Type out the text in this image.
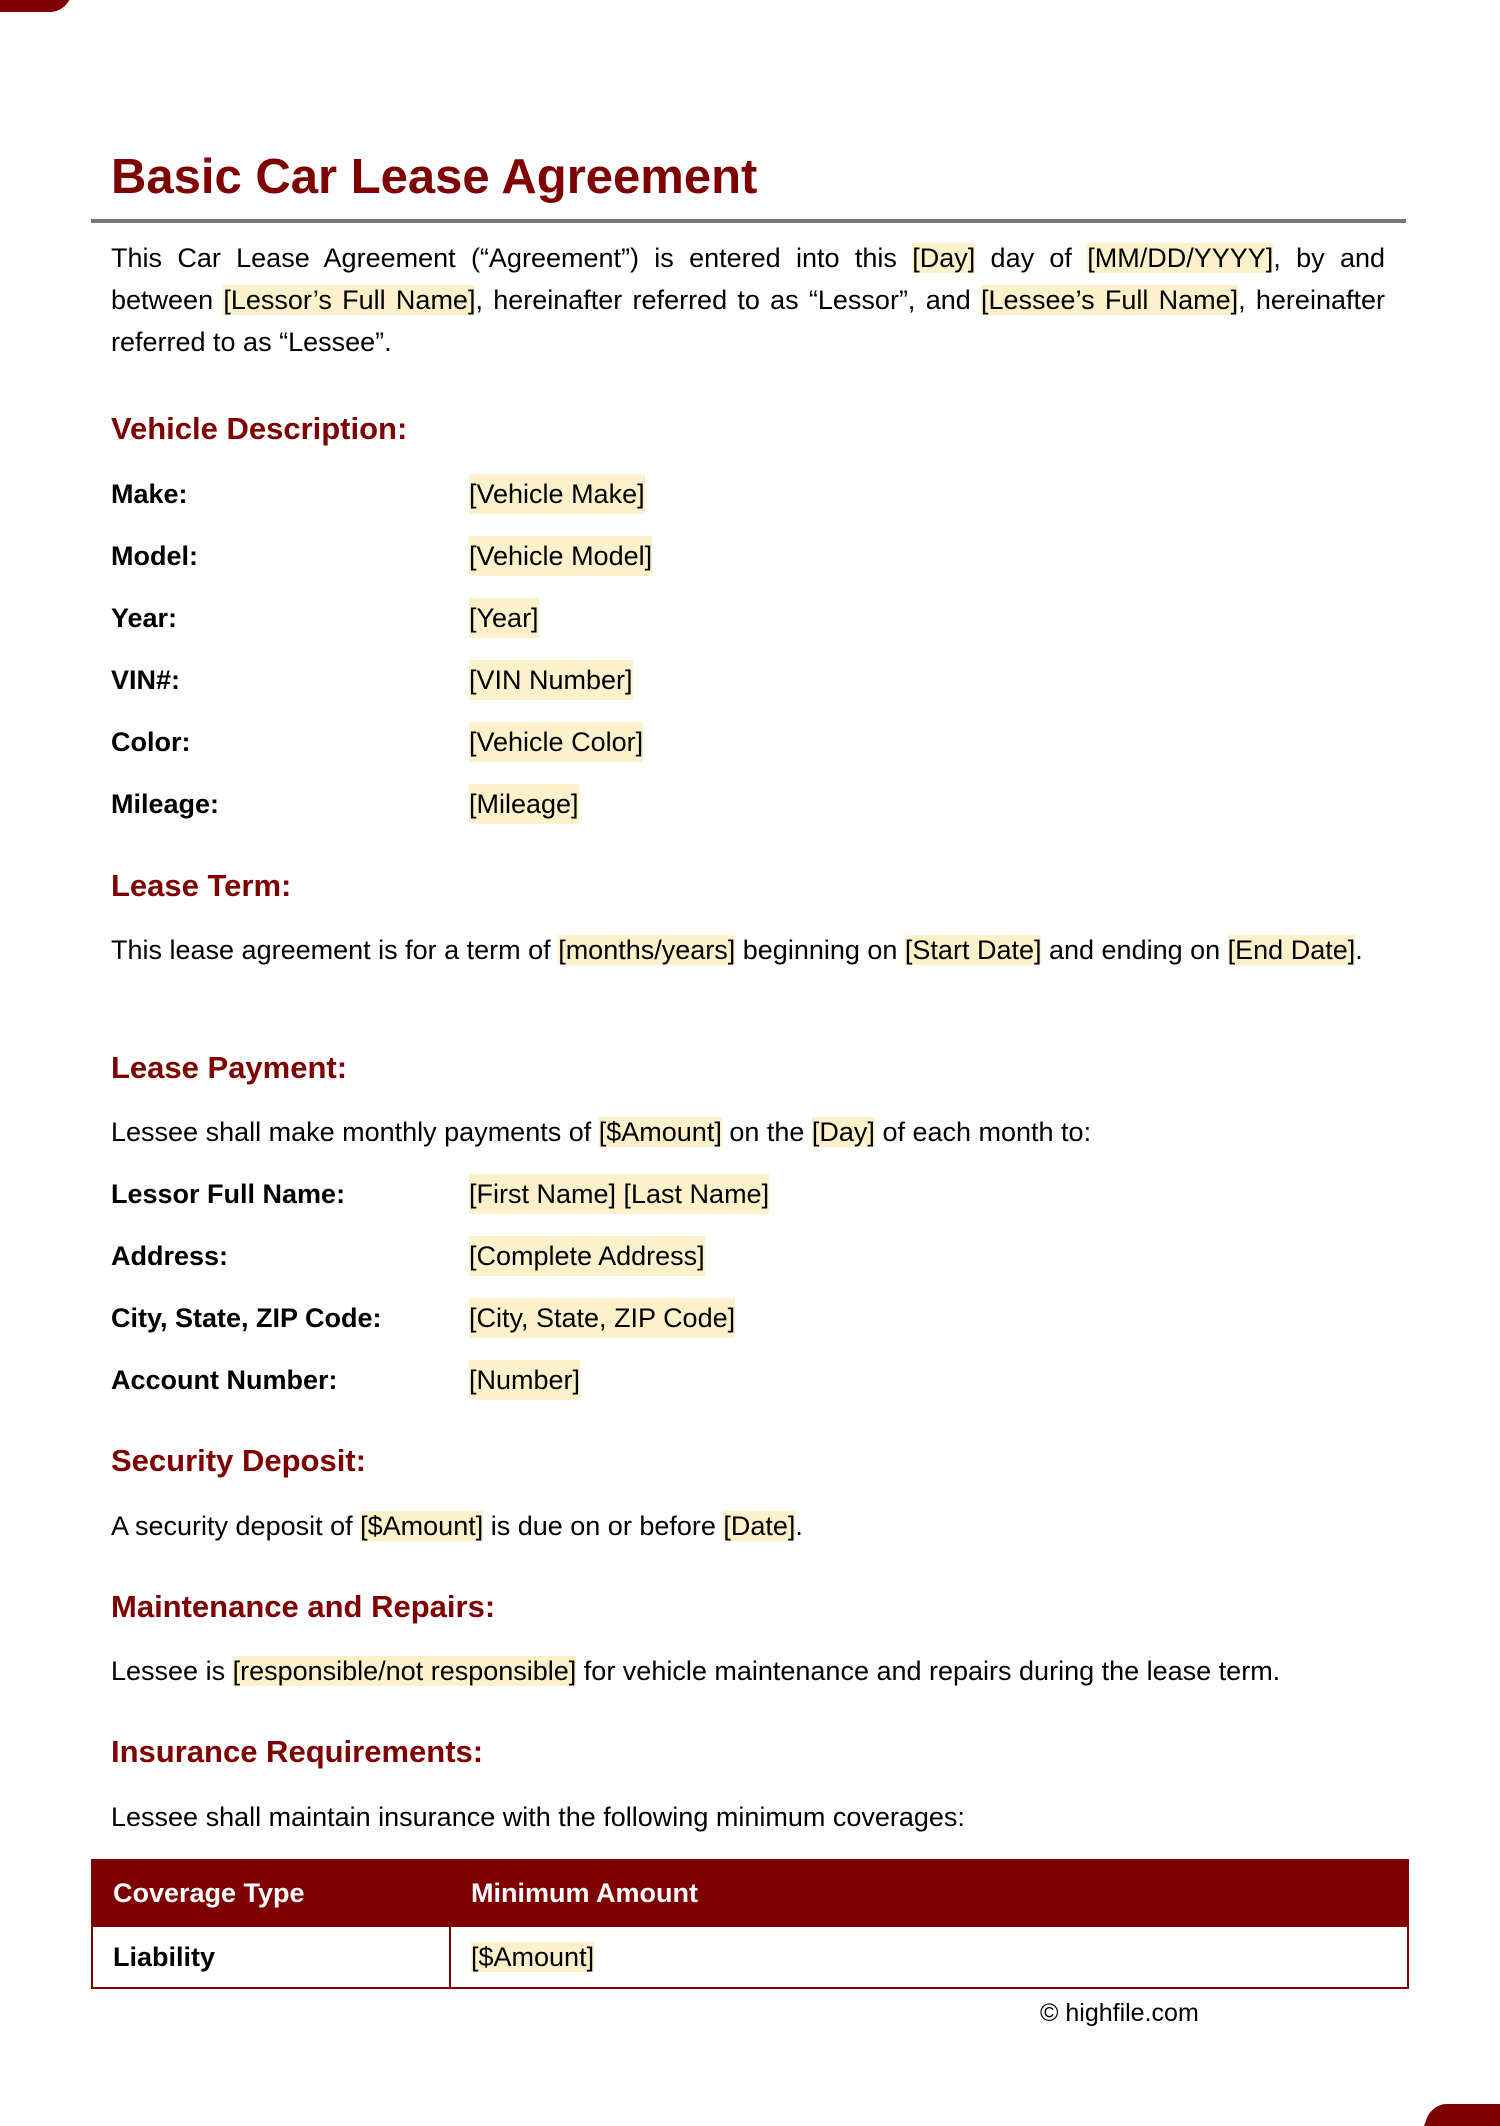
Basic Car Lease Agreement

This Car Lease Agreement (“Agreement”) is entered into this [Day] day of [MM/DD/YYYY], by and between [Lessor’s Full Name], hereinafter referred to as “Lessor”, and [Lessee’s Full Name], hereinafter referred to as “Lessee”.

Vehicle Description:
Make:	[Vehicle Make]
Model:	[Vehicle Model]
Year:	[Year]
VIN#:	[VIN Number]
Color:	[Vehicle Color]
Mileage:	[Mileage]
Lease Term:

This lease agreement is for a term of [months/years] beginning on [Start Date] and ending on [End Date].

Lease Payment:

Lessee shall make monthly payments of [$Amount] on the [Day] of each month to:

Lessor Full Name:	[First Name] [Last Name]
Address:	[Complete Address]
City, State, ZIP Code:	[City, State, ZIP Code]
Account Number:	[Number]
Security Deposit:

A security deposit of [$Amount] is due on or before [Date].

Maintenance and Repairs:

Lessee is [responsible/not responsible] for vehicle maintenance and repairs during the lease term.

Insurance Requirements:

Lessee shall maintain insurance with the following minimum coverages:

Coverage Type	Minimum Amount
Liability	[$Amount]
© highfile.com
